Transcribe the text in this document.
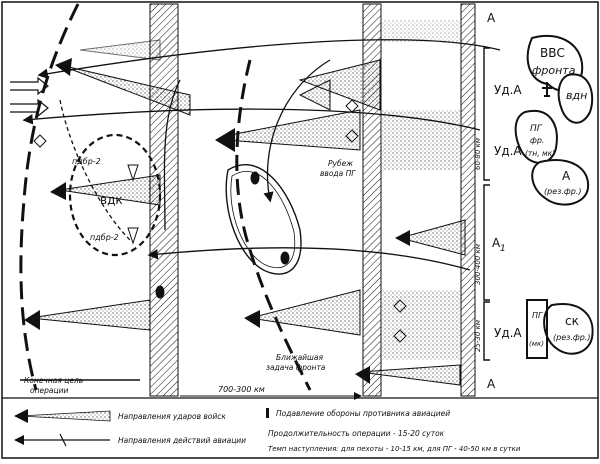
А
А
А 1
Уд.А
Уд.А
Уд.А
ВВС
фронта
вдн
ПГ
фр.
(тн, мк)
А
(рез.фр.)
ПГ
(мк)
ск
(рез.фр.)
вдк
пдбр-2
пдбр-2
Рубеж
ввода ПГ
Ближайшая
задача фронта
Конечная цель
операции	700-300 км
60-80 км
300-400 км
25-30 км
Направления ударов войск
Направления действий авиации
Подавление обороны противника авиацией
Продолжительность операции - 15-20 суток
Темп наступления: для пехоты - 10-15 км, для ПГ - 40-50 км в сутки
